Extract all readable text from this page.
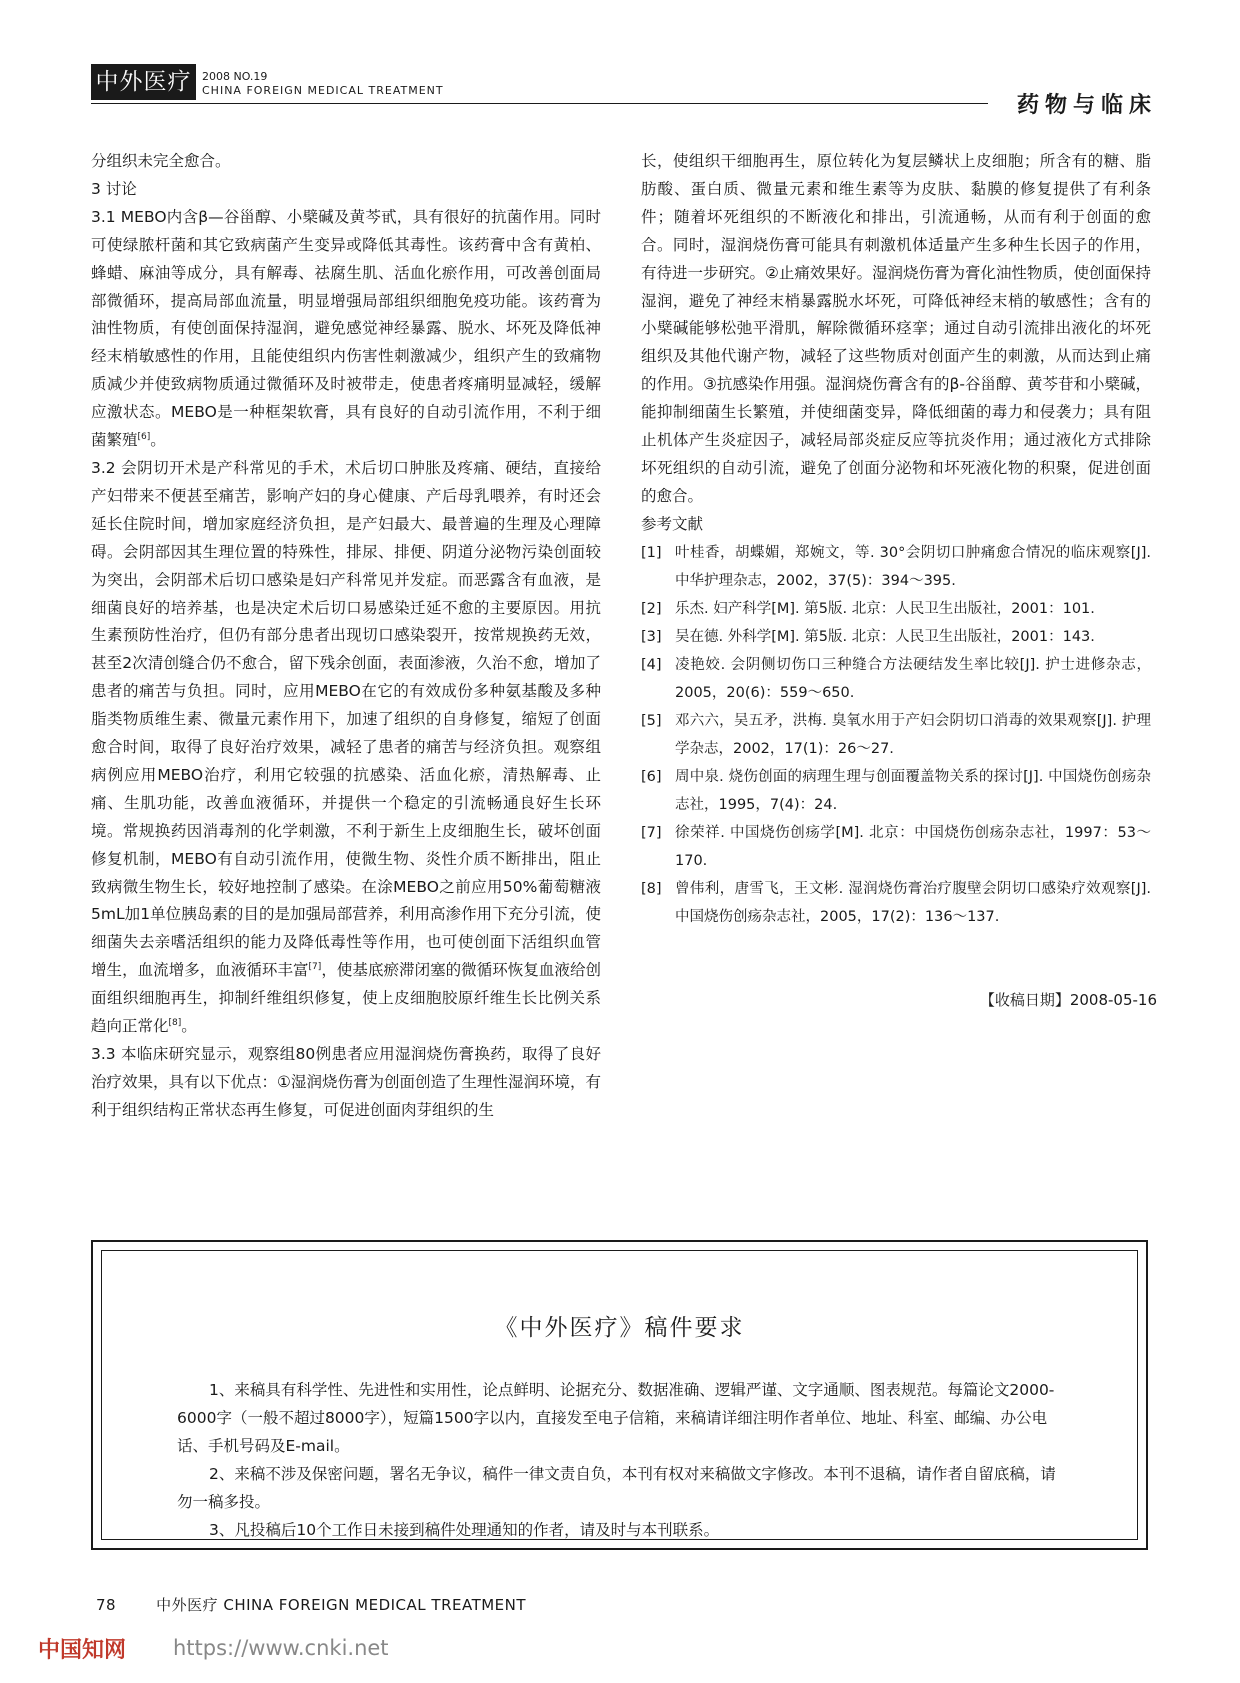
中外医疗 2008 NO.19
CHINA FOREIGN MEDICAL TREATMENT
药物与临床

分组织未完全愈合。

3 讨论

3.1 MEBO内含β—谷甾醇、小檗碱及黄芩甙，具有很好的抗菌作用。同时可使绿脓杆菌和其它致病菌产生变异或降低其毒性。该药膏中含有黄柏、蜂蜡、麻油等成分，具有解毒、祛腐生肌、活血化瘀作用，可改善创面局部微循环，提高局部血流量，明显增强局部组织细胞免疫功能。该药膏为油性物质，有使创面保持湿润，避免感觉神经暴露、脱水、坏死及降低神经末梢敏感性的作用，且能使组织内伤害性刺激减少，组织产生的致痛物质减少并使致病物质通过微循环及时被带走，使患者疼痛明显减轻，缓解应激状态。MEBO是一种框架软膏，具有良好的自动引流作用，不利于细菌繁殖[6]。

3.2 会阴切开术是产科常见的手术，术后切口肿胀及疼痛、硬结，直接给产妇带来不便甚至痛苦，影响产妇的身心健康、产后母乳喂养，有时还会延长住院时间，增加家庭经济负担，是产妇最大、最普遍的生理及心理障碍。会阴部因其生理位置的特殊性，排尿、排便、阴道分泌物污染创面较为突出，会阴部术后切口感染是妇产科常见并发症。而恶露含有血液，是细菌良好的培养基，也是决定术后切口易感染迁延不愈的主要原因。用抗生素预防性治疗，但仍有部分患者出现切口感染裂开，按常规换药无效，甚至2次清创缝合仍不愈合，留下残余创面，表面渗液，久治不愈，增加了患者的痛苦与负担。同时，应用MEBO在它的有效成份多种氨基酸及多种脂类物质维生素、微量元素作用下，加速了组织的自身修复，缩短了创面愈合时间，取得了良好治疗效果，减轻了患者的痛苦与经济负担。观察组病例应用MEBO治疗，利用它较强的抗感染、活血化瘀，清热解毒、止痛、生肌功能，改善血液循环，并提供一个稳定的引流畅通良好生长环境。常规换药因消毒剂的化学刺激，不利于新生上皮细胞生长，破坏创面修复机制，MEBO有自动引流作用，使微生物、炎性介质不断排出，阻止致病微生物生长，较好地控制了感染。在涂MEBO之前应用50%葡萄糖液5mL加1单位胰岛素的目的是加强局部营养，利用高渗作用下充分引流，使细菌失去亲嗜活组织的能力及降低毒性等作用，也可使创面下活组织血管增生，血流增多，血液循环丰富[7]，使基底瘀滞闭塞的微循环恢复血液给创面组织细胞再生，抑制纤维组织修复，使上皮细胞胶原纤维生长比例关系趋向正常化[8]。

3.3 本临床研究显示，观察组80例患者应用湿润烧伤膏换药，取得了良好治疗效果，具有以下优点：①湿润烧伤膏为创面创造了生理性湿润环境，有利于组织结构正常状态再生修复，可促进创面肉芽组织的生

长，使组织干细胞再生，原位转化为复层鳞状上皮细胞；所含有的糖、脂肪酸、蛋白质、微量元素和维生素等为皮肤、黏膜的修复提供了有利条件；随着坏死组织的不断液化和排出，引流通畅，从而有利于创面的愈合。同时，湿润烧伤膏可能具有刺激机体适量产生多种生长因子的作用，有待进一步研究。②止痛效果好。湿润烧伤膏为膏化油性物质，使创面保持湿润，避免了神经末梢暴露脱水坏死，可降低神经末梢的敏感性；含有的小檗碱能够松弛平滑肌，解除微循环痉挛；通过自动引流排出液化的坏死组织及其他代谢产物，减轻了这些物质对创面产生的刺激，从而达到止痛的作用。③抗感染作用强。湿润烧伤膏含有的β-谷甾醇、黄芩苷和小檗碱，能抑制细菌生长繁殖，并使细菌变异，降低细菌的毒力和侵袭力；具有阻止机体产生炎症因子，减轻局部炎症反应等抗炎作用；通过液化方式排除坏死组织的自动引流，避免了创面分泌物和坏死液化物的积聚，促进创面的愈合。

参考文献

[1] 叶桂香，胡蝶媚，郑婉文，等. 30°会阴切口肿痛愈合情况的临床观察[J]. 中华护理杂志，2002，37(5)：394～395.
[2] 乐杰. 妇产科学[M]. 第5版. 北京：人民卫生出版社，2001：101.
[3] 吴在德. 外科学[M]. 第5版. 北京：人民卫生出版社，2001：143.
[4] 凌艳姣. 会阴侧切伤口三种缝合方法硬结发生率比较[J]. 护士进修杂志，2005，20(6)：559～650.
[5] 邓六六，吴五矛，洪梅. 臭氧水用于产妇会阴切口消毒的效果观察[J]. 护理学杂志，2002，17(1)：26～27.
[6] 周中泉. 烧伤创面的病理生理与创面覆盖物关系的探讨[J]. 中国烧伤创疡杂志社，1995，7(4)：24.
[7] 徐荣祥. 中国烧伤创疡学[M]. 北京：中国烧伤创疡杂志社，1997：53～170.
[8] 曾伟利，唐雪飞，王文彬. 湿润烧伤膏治疗腹壁会阴切口感染疗效观察[J]. 中国烧伤创疡杂志社，2005，17(2)：136～137.
【收稿日期】2008-05-16
《中外医疗》稿件要求

1、来稿具有科学性、先进性和实用性，论点鲜明、论据充分、数据准确、逻辑严谨、文字通顺、图表规范。每篇论文2000-6000字（一般不超过8000字），短篇1500字以内，直接发至电子信箱，来稿请详细注明作者单位、地址、科室、邮编、办公电话、手机号码及E-mail。

2、来稿不涉及保密问题，署名无争议，稿件一律文责自负，本刊有权对来稿做文字修改。本刊不退稿，请作者自留底稿，请勿一稿多投。

3、凡投稿后10个工作日未接到稿件处理通知的作者，请及时与本刊联系。

78	中外医疗 CHINA FOREIGN MEDICAL TREATMENT
中国知网 https://www.cnki.net
